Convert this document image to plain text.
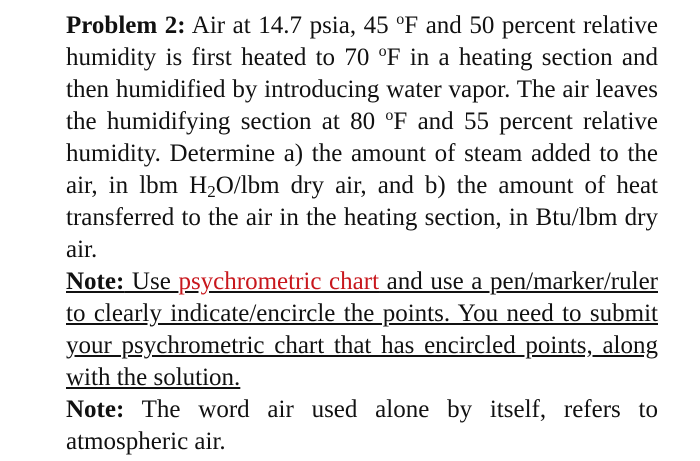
Problem 2: Air at 14.7 psia, 45 $^o$F and 50 percent relative humidity is first heated to 70 $^o$F in a heating section and then humidified by introducing water vapor. The air leaves the humidifying section at 80 $^o$F and 55 percent relative humidity. Determine a) the amount of steam added to the air, in lbm $H_2O$/lbm dry air, and b) the amount of heat transferred to the air in the heating section, in Btu/lbm dry air.

Note: Use psychrometric chart and use a pen/marker/ruler to clearly indicate/encircle the points. You need to submit your psychrometric chart that has encircled points, along with the solution.

Note: The word air used alone by itself, refers to atmospheric air.
